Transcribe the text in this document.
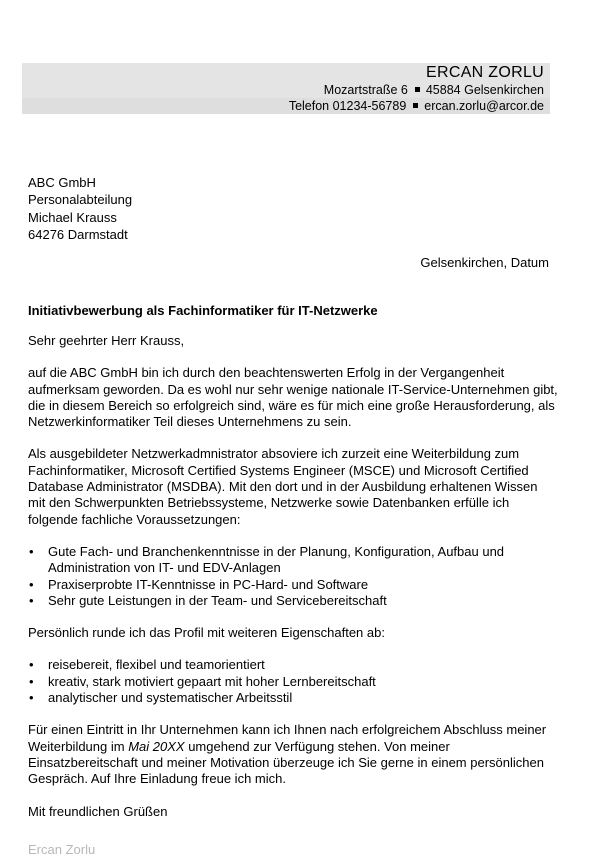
ERCAN ZORLU
Mozartstraße 6 45884 Gelsenkirchen
Telefon 01234-56789 ercan.zorlu@arcor.de
ABC GmbH
Personalabteilung
Michael Krauss
64276 Darmstadt
Gelsenkirchen, Datum
Initiativbewerbung als Fachinformatiker für IT-Netzwerke

Sehr geehrter Herr Krauss,

auf die ABC GmbH bin ich durch den beachtenswerten Erfolg in der Vergangenheit aufmerksam geworden. Da es wohl nur sehr wenige nationale IT-Service-Unternehmen gibt, die in diesem Bereich so erfolgreich sind, wäre es für mich eine große Herausforderung, als Netzwerkinformatiker Teil dieses Unternehmens zu sein.

Als ausgebildeter Netzwerkadmnistrator absoviere ich zurzeit eine Weiterbildung zum Fachinformatiker, Microsoft Certified Systems Engineer (MSCE) und Microsoft Certified Database Administrator (MSDBA). Mit den dort und in der Ausbildung erhaltenen Wissen mit den Schwerpunkten Betriebssysteme, Netzwerke sowie Datenbanken erfülle ich folgende fachliche Voraussetzungen:

• Gute Fach- und Branchenkenntnisse in der Planung, Konfiguration, Aufbau und Administration von IT- und EDV-Anlagen
• Praxiserprobte IT-Kenntnisse in PC-Hard- und Software
• Sehr gute Leistungen in der Team- und Servicebereitschaft

Persönlich runde ich das Profil mit weiteren Eigenschaften ab:

• reisebereit, flexibel und teamorientiert
• kreativ, stark motiviert gepaart mit hoher Lernbereitschaft
• analytischer und systematischer Arbeitsstil

Für einen Eintritt in Ihr Unternehmen kann ich Ihnen nach erfolgreichem Abschluss meiner Weiterbildung im Mai 20XX umgehend zur Verfügung stehen. Von meiner Einsatzbereitschaft und meiner Motivation überzeuge ich Sie gerne in einem persönlichen Gespräch. Auf Ihre Einladung freue ich mich.

Mit freundlichen Grüßen

Ercan Zorlu
